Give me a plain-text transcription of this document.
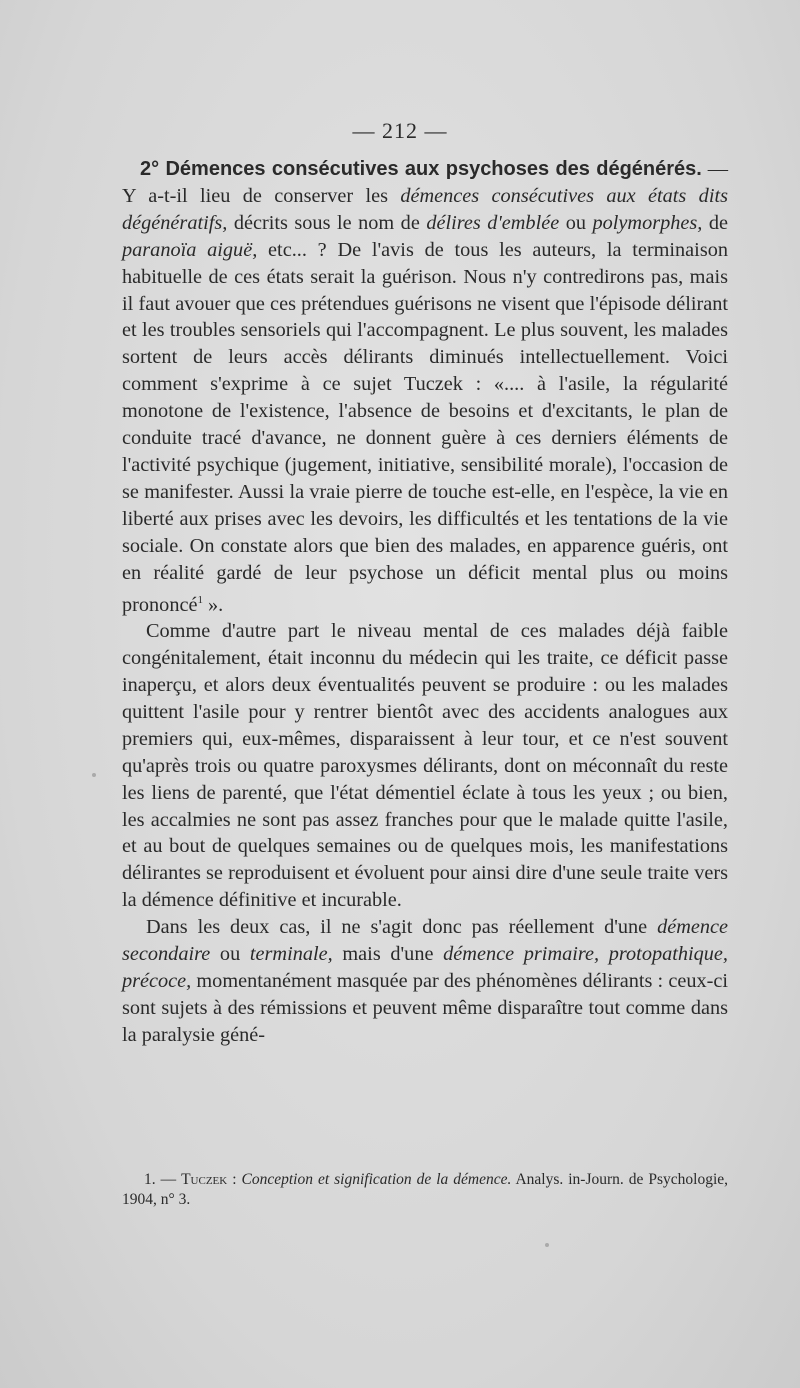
— 212 —

2° Démences consécutives aux psychoses des dégénérés. — Y a-t-il lieu de conserver les démences consécutives aux états dits dégénératifs, décrits sous le nom de délires d'emblée ou polymorphes, de paranoïa aiguë, etc... ? De l'avis de tous les auteurs, la terminaison habituelle de ces états serait la guérison. Nous n'y contredirons pas, mais il faut avouer que ces prétendues guérisons ne visent que l'épisode délirant et les troubles sensoriels qui l'accompagnent. Le plus souvent, les malades sortent de leurs accès délirants diminués intellectuellement. Voici comment s'exprime à ce sujet Tuczek : «.... à l'asile, la régularité monotone de l'existence, l'absence de besoins et d'excitants, le plan de conduite tracé d'avance, ne donnent guère à ces derniers éléments de l'activité psychique (jugement, initiative, sensibilité morale), l'occasion de se manifester. Aussi la vraie pierre de touche est-elle, en l'espèce, la vie en liberté aux prises avec les devoirs, les difficultés et les tentations de la vie sociale. On constate alors que bien des malades, en apparence guéris, ont en réalité gardé de leur psychose un déficit mental plus ou moins prononcé$^1$ ».

Comme d'autre part le niveau mental de ces malades déjà faible congénitalement, était inconnu du médecin qui les traite, ce déficit passe inaperçu, et alors deux éventualités peuvent se produire : ou les malades quittent l'asile pour y rentrer bientôt avec des accidents analogues aux premiers qui, eux-mêmes, disparaissent à leur tour, et ce n'est souvent qu'après trois ou quatre paroxysmes délirants, dont on méconnaît du reste les liens de parenté, que l'état démentiel éclate à tous les yeux ; ou bien, les accalmies ne sont pas assez franches pour que le malade quitte l'asile, et au bout de quelques semaines ou de quelques mois, les manifestations délirantes se reproduisent et évoluent pour ainsi dire d'une seule traite vers la démence définitive et incurable.

Dans les deux cas, il ne s'agit donc pas réellement d'une démence secondaire ou terminale, mais d'une démence primaire, protopathique, précoce, momentanément masquée par des phénomènes délirants : ceux-ci sont sujets à des rémissions et peuvent même disparaître tout comme dans la paralysie géné-

1. — Tuczek : Conception et signification de la démence. Analys. in-Journ. de Psychologie, 1904, n° 3.
